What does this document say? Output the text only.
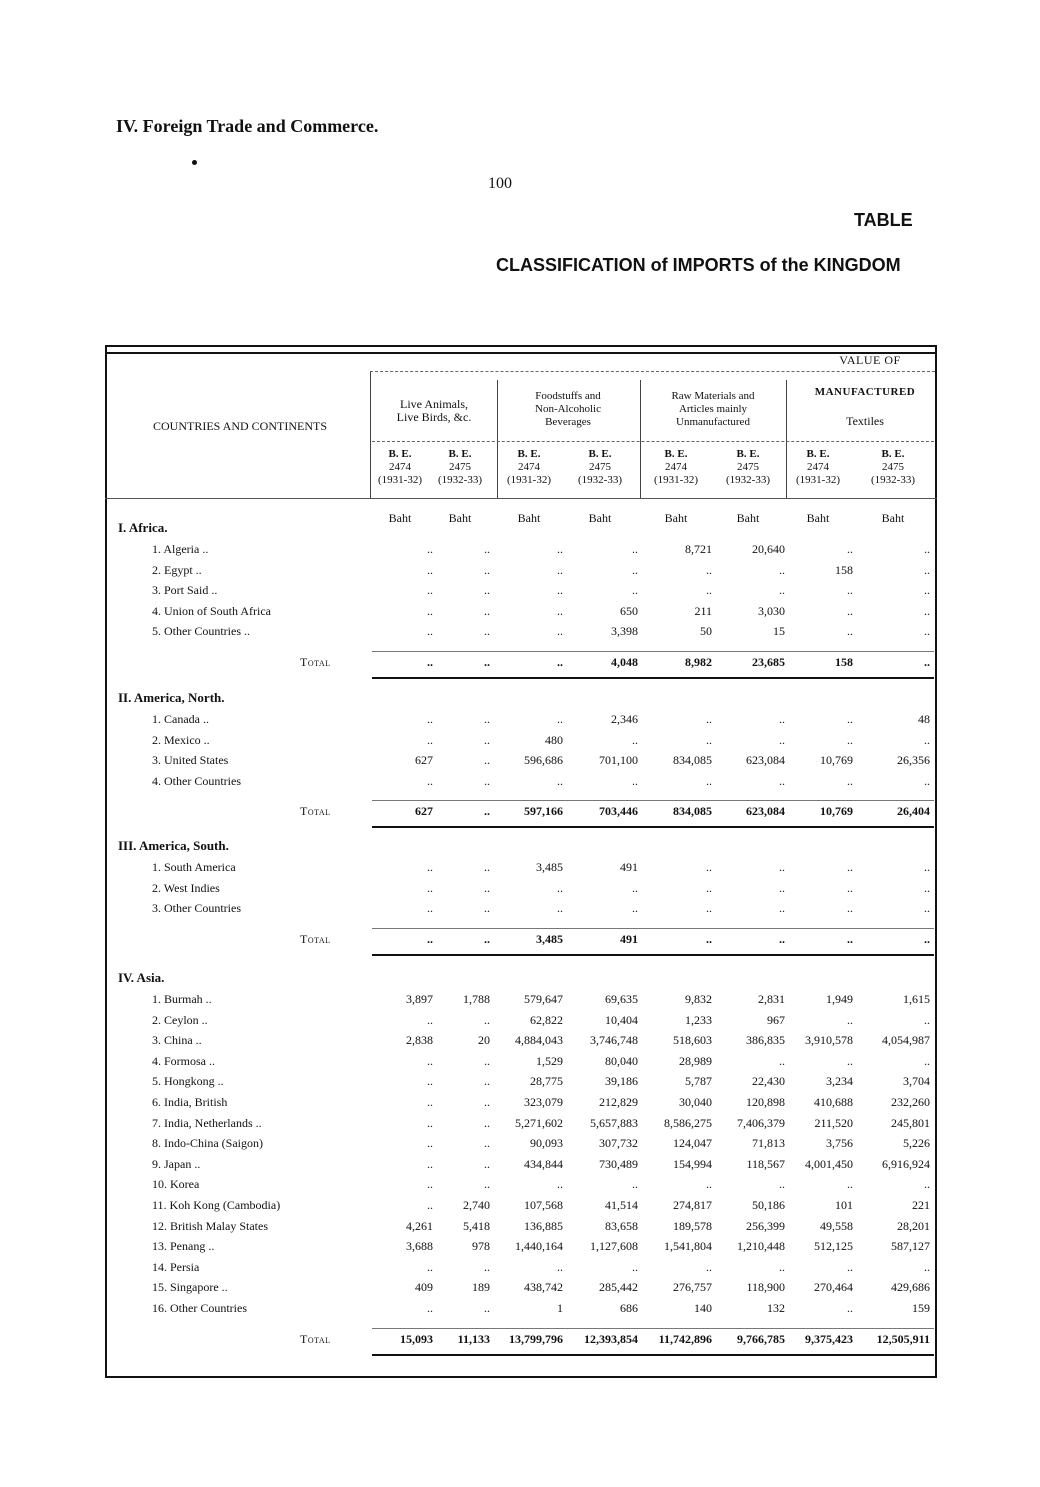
IV. Foreign Trade and Commerce.
100
TABLE
CLASSIFICATION of IMPORTS of the KINGDOM
VALUE OF
MANUFACTURED
COUNTRIES AND CONTINENTS
Live Animals,
Live Birds, &c.
Foodstuffs and
Non-Alcoholic
Beverages
Raw Materials and
Articles mainly
Unmanufactured	Textiles
B. E.
2474
(1931-32)
B. E.
2475
(1932-33)
B. E.
2474
(1931-32)
B. E.
2475
(1932-33)
B. E.
2474
(1931-32)
B. E.
2475
(1932-33)
B. E.
2474
(1931-32)
B. E.
2475
(1932-33)
Baht	Baht	Baht	Baht	Baht	Baht	Baht	Baht
I. Africa.
1. Algeria ..	..	..	..	..	8,721	20,640	..	..
2. Egypt ..	..	..	..	..	..	..	158	..
3. Port Said ..	..	..	..	..	..	..	..	..
4. Union of South Africa	..	..	..	650	211	3,030	..	..
5. Other Countries ..	..	..	..	3,398	50	15	..	..
Total	..	..	..	4,048	8,982	23,685	158	..
II. America, North.
1. Canada ..	..	..	..	2,346	..	..	..	48
2. Mexico ..	..	..	480	..	..	..	..	..
3. United States	627	..	596,686	701,100	834,085	623,084	10,769	26,356
4. Other Countries	..	..	..	..	..	..	..	..
Total	627	..	597,166	703,446	834,085	623,084	10,769	26,404
III. America, South.
1. South America	..	..	3,485	491	..	..	..	..
2. West Indies	..	..	..	..	..	..	..	..
3. Other Countries	..	..	..	..	..	..	..	..
Total	..	..	3,485	491	..	..	..	..
IV. Asia.
1. Burmah ..	3,897	1,788	579,647	69,635	9,832	2,831	1,949	1,615
2. Ceylon ..	..	..	62,822	10,404	1,233	967	..	..
3. China ..	2,838	20	4,884,043	3,746,748	518,603	386,835	3,910,578	4,054,987
4. Formosa ..	..	..	1,529	80,040	28,989	..	..	..
5. Hongkong ..	..	..	28,775	39,186	5,787	22,430	3,234	3,704
6. India, British	..	..	323,079	212,829	30,040	120,898	410,688	232,260
7. India, Netherlands ..	..	..	5,271,602	5,657,883	8,586,275	7,406,379	211,520	245,801
8. Indo-China (Saigon)	..	..	90,093	307,732	124,047	71,813	3,756	5,226
9. Japan ..	..	..	434,844	730,489	154,994	118,567	4,001,450	6,916,924
10. Korea	..	..	..	..	..	..	..	..
11. Koh Kong (Cambodia)	..	2,740	107,568	41,514	274,817	50,186	101	221
12. British Malay States	4,261	5,418	136,885	83,658	189,578	256,399	49,558	28,201
13. Penang ..	3,688	978	1,440,164	1,127,608	1,541,804	1,210,448	512,125	587,127
14. Persia	..	..	..	..	..	..	..	..
15. Singapore ..	409	189	438,742	285,442	276,757	118,900	270,464	429,686
16. Other Countries	..	..	1	686	140	132	..	159
Total	15,093	11,133	13,799,796	12,393,854	11,742,896	9,766,785	9,375,423	12,505,911
